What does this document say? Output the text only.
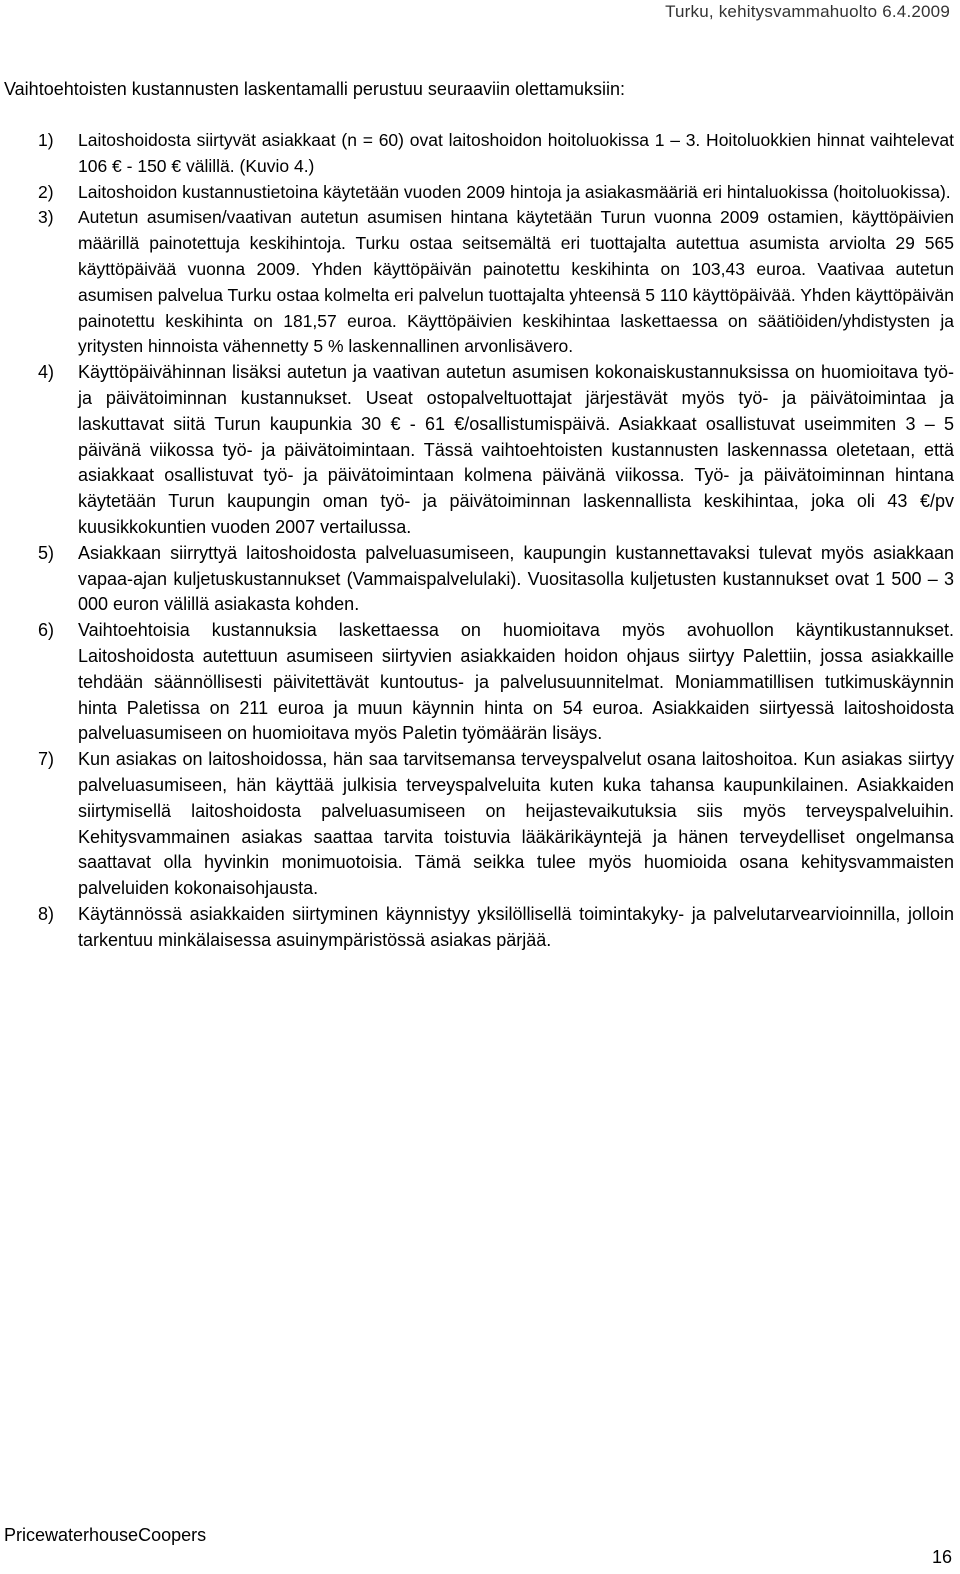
Turku, kehitysvammahuolto 6.4.2009

Vaihtoehtoisten kustannusten laskentamalli perustuu seuraaviin olettamuksiin:

1) Laitoshoidosta siirtyvät asiakkaat (n = 60) ovat laitoshoidon hoitoluokissa 1 – 3. Hoitoluokkien hinnat vaihtelevat 106 € - 150 € välillä. (Kuvio 4.)
2) Laitoshoidon kustannustietoina käytetään vuoden 2009 hintoja ja asiakasmääriä eri hintaluokissa (hoitoluokissa).
3) Autetun asumisen/vaativan autetun asumisen hintana käytetään Turun vuonna 2009 ostamien, käyttöpäivien määrillä painotettuja keskihintoja. Turku ostaa seitsemältä eri tuottajalta autettua asumista arviolta 29 565 käyttöpäivää vuonna 2009. Yhden käyttöpäivän painotettu keskihinta on 103,43 euroa. Vaativaa autetun asumisen palvelua Turku ostaa kolmelta eri palvelun tuottajalta yhteensä 5 110 käyttöpäivää. Yhden käyttöpäivän painotettu keskihinta on 181,57 euroa. Käyttöpäivien keskihintaa laskettaessa on säätiöiden/yhdistysten ja yritysten hinnoista vähennetty 5 % laskennallinen arvonlisävero.
4) Käyttöpäivähinnan lisäksi autetun ja vaativan autetun asumisen kokonaiskustannuksissa on huomioitava työ- ja päivätoiminnan kustannukset. Useat ostopalveltuottajat järjestävät myös työ- ja päivätoimintaa ja laskuttavat siitä Turun kaupunkia 30 € - 61 €/osallistumispäivä. Asiakkaat osallistuvat useimmiten 3 – 5 päivänä viikossa työ- ja päivätoimintaan. Tässä vaihtoehtoisten kustannusten laskennassa oletetaan, että asiakkaat osallistuvat työ- ja päivätoimintaan kolmena päivänä viikossa. Työ- ja päivätoiminnan hintana käytetään Turun kaupungin oman työ- ja päivätoiminnan laskennallista keskihintaa, joka oli 43 €/pv kuusikkokuntien vuoden 2007 vertailussa.
5) Asiakkaan siirryttyä laitoshoidosta palveluasumiseen, kaupungin kustannettavaksi tulevat myös asiakkaan vapaa-ajan kuljetuskustannukset (Vammaispalvelulaki). Vuositasolla kuljetusten kustannukset ovat 1 500 – 3 000 euron välillä asiakasta kohden.
6) Vaihtoehtoisia kustannuksia laskettaessa on huomioitava myös avohuollon käyntikustannukset. Laitoshoidosta autettuun asumiseen siirtyvien asiakkaiden hoidon ohjaus siirtyy Palettiin, jossa asiakkaille tehdään säännöllisesti päivitettävät kuntoutus- ja palvelusuunnitelmat. Moniammatillisen tutkimuskäynnin hinta Paletissa on 211 euroa ja muun käynnin hinta on 54 euroa. Asiakkaiden siirtyessä laitoshoidosta palveluasumiseen on huomioitava myös Paletin työmäärän lisäys.
7) Kun asiakas on laitoshoidossa, hän saa tarvitsemansa terveyspalvelut osana laitoshoitoa. Kun asiakas siirtyy palveluasumiseen, hän käyttää julkisia terveyspalveluita kuten kuka tahansa kaupunkilainen. Asiakkaiden siirtymisellä laitoshoidosta palveluasumiseen on heijastevaikutuksia siis myös terveyspalveluihin. Kehitysvammainen asiakas saattaa tarvita toistuvia lääkärikäyntejä ja hänen terveydelliset ongelmansa saattavat olla hyvinkin monimuotoisia. Tämä seikka tulee myös huomioida osana kehitysvammaisten palveluiden kokonaisohjausta.
8) Käytännössä asiakkaiden siirtyminen käynnistyy yksilöllisellä toimintakyky- ja palvelutarvearvioinnilla, jolloin tarkentuu minkälaisessa asuinympäristössä asiakas pärjää.
PricewaterhouseCoopers
16
